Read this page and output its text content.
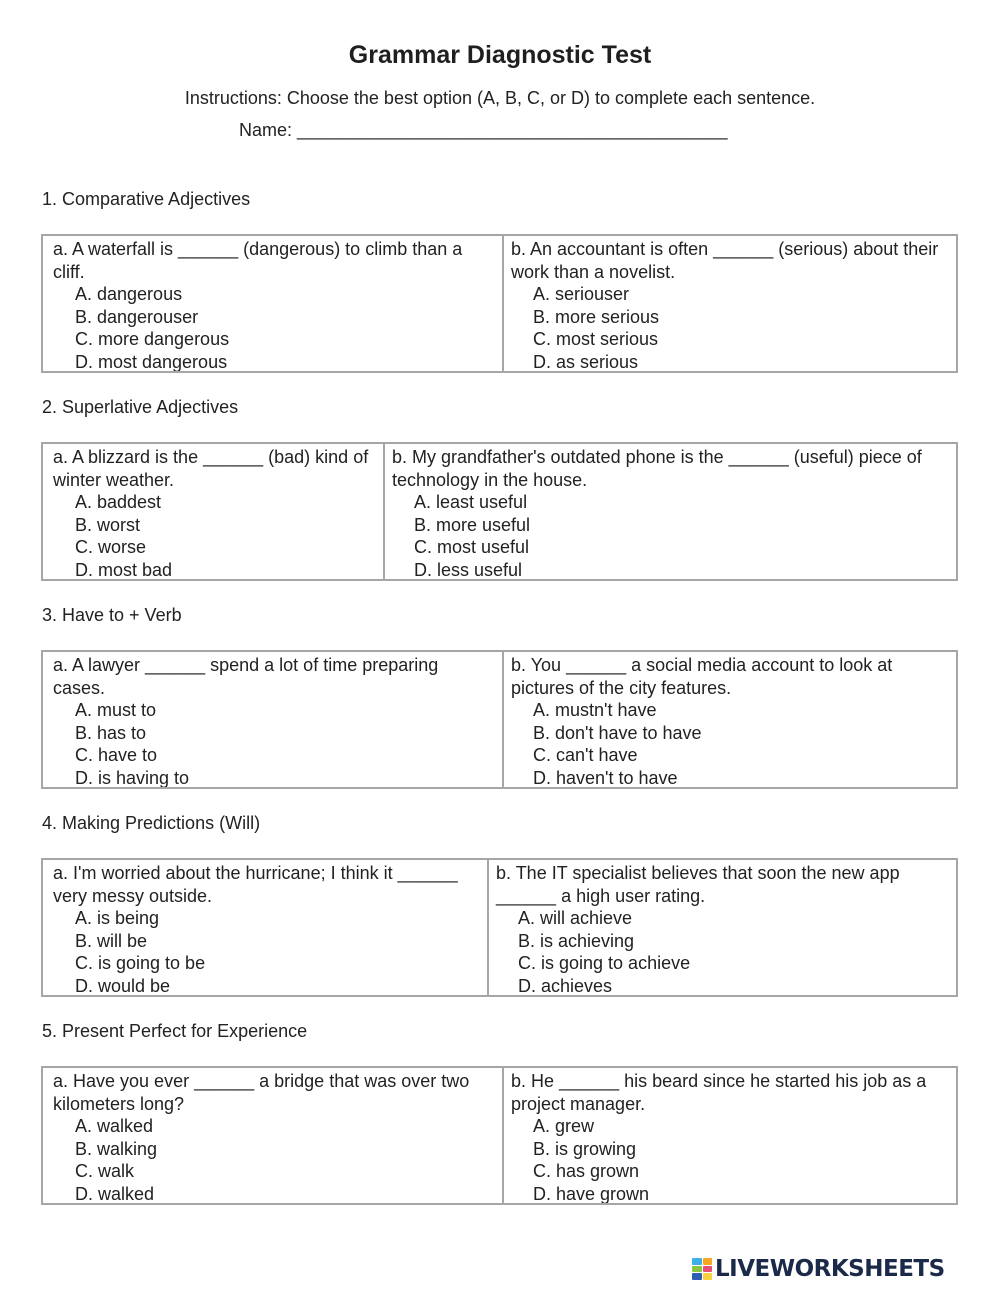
Grammar Diagnostic Test
Instructions: Choose the best option (A, B, C, or D) to complete each sentence.
Name: ___________________________________________
1. Comparative Adjectives

a. A waterfall is ______ (dangerous) to climb than a cliff.

A. dangerous
B. dangerouser
C. more dangerous
D. most dangerous

b. An accountant is often ______ (serious) about their work than a novelist.

A. seriouser
B. more serious
C. most serious
D. as serious
2. Superlative Adjectives

a. A blizzard is the ______ (bad) kind of winter weather.

A. baddest
B. worst
C. worse
D. most bad

b. My grandfather's outdated phone is the ______ (useful) piece of technology in the house.

A. least useful
B. more useful
C. most useful
D. less useful
3. Have to + Verb

a. A lawyer ______ spend a lot of time preparing cases.

A. must to
B. has to
C. have to
D. is having to

b. You ______ a social media account to look at pictures of the city features.

A. mustn't have
B. don't have to have
C. can't have
D. haven't to have
4. Making Predictions (Will)

a. I'm worried about the hurricane; I think it ______ very messy outside.

A. is being
B. will be
C. is going to be
D. would be

b. The IT specialist believes that soon the new app ______ a high user rating.

A. will achieve
B. is achieving
C. is going to achieve
D. achieves
5. Present Perfect for Experience

a. Have you ever ______ a bridge that was over two kilometers long?

A. walked
B. walking
C. walk
D. walked

b. He ______ his beard since he started his job as a project manager.

A. grew
B. is growing
C. has grown
D. have grown
LIVEWORKSHEETS
